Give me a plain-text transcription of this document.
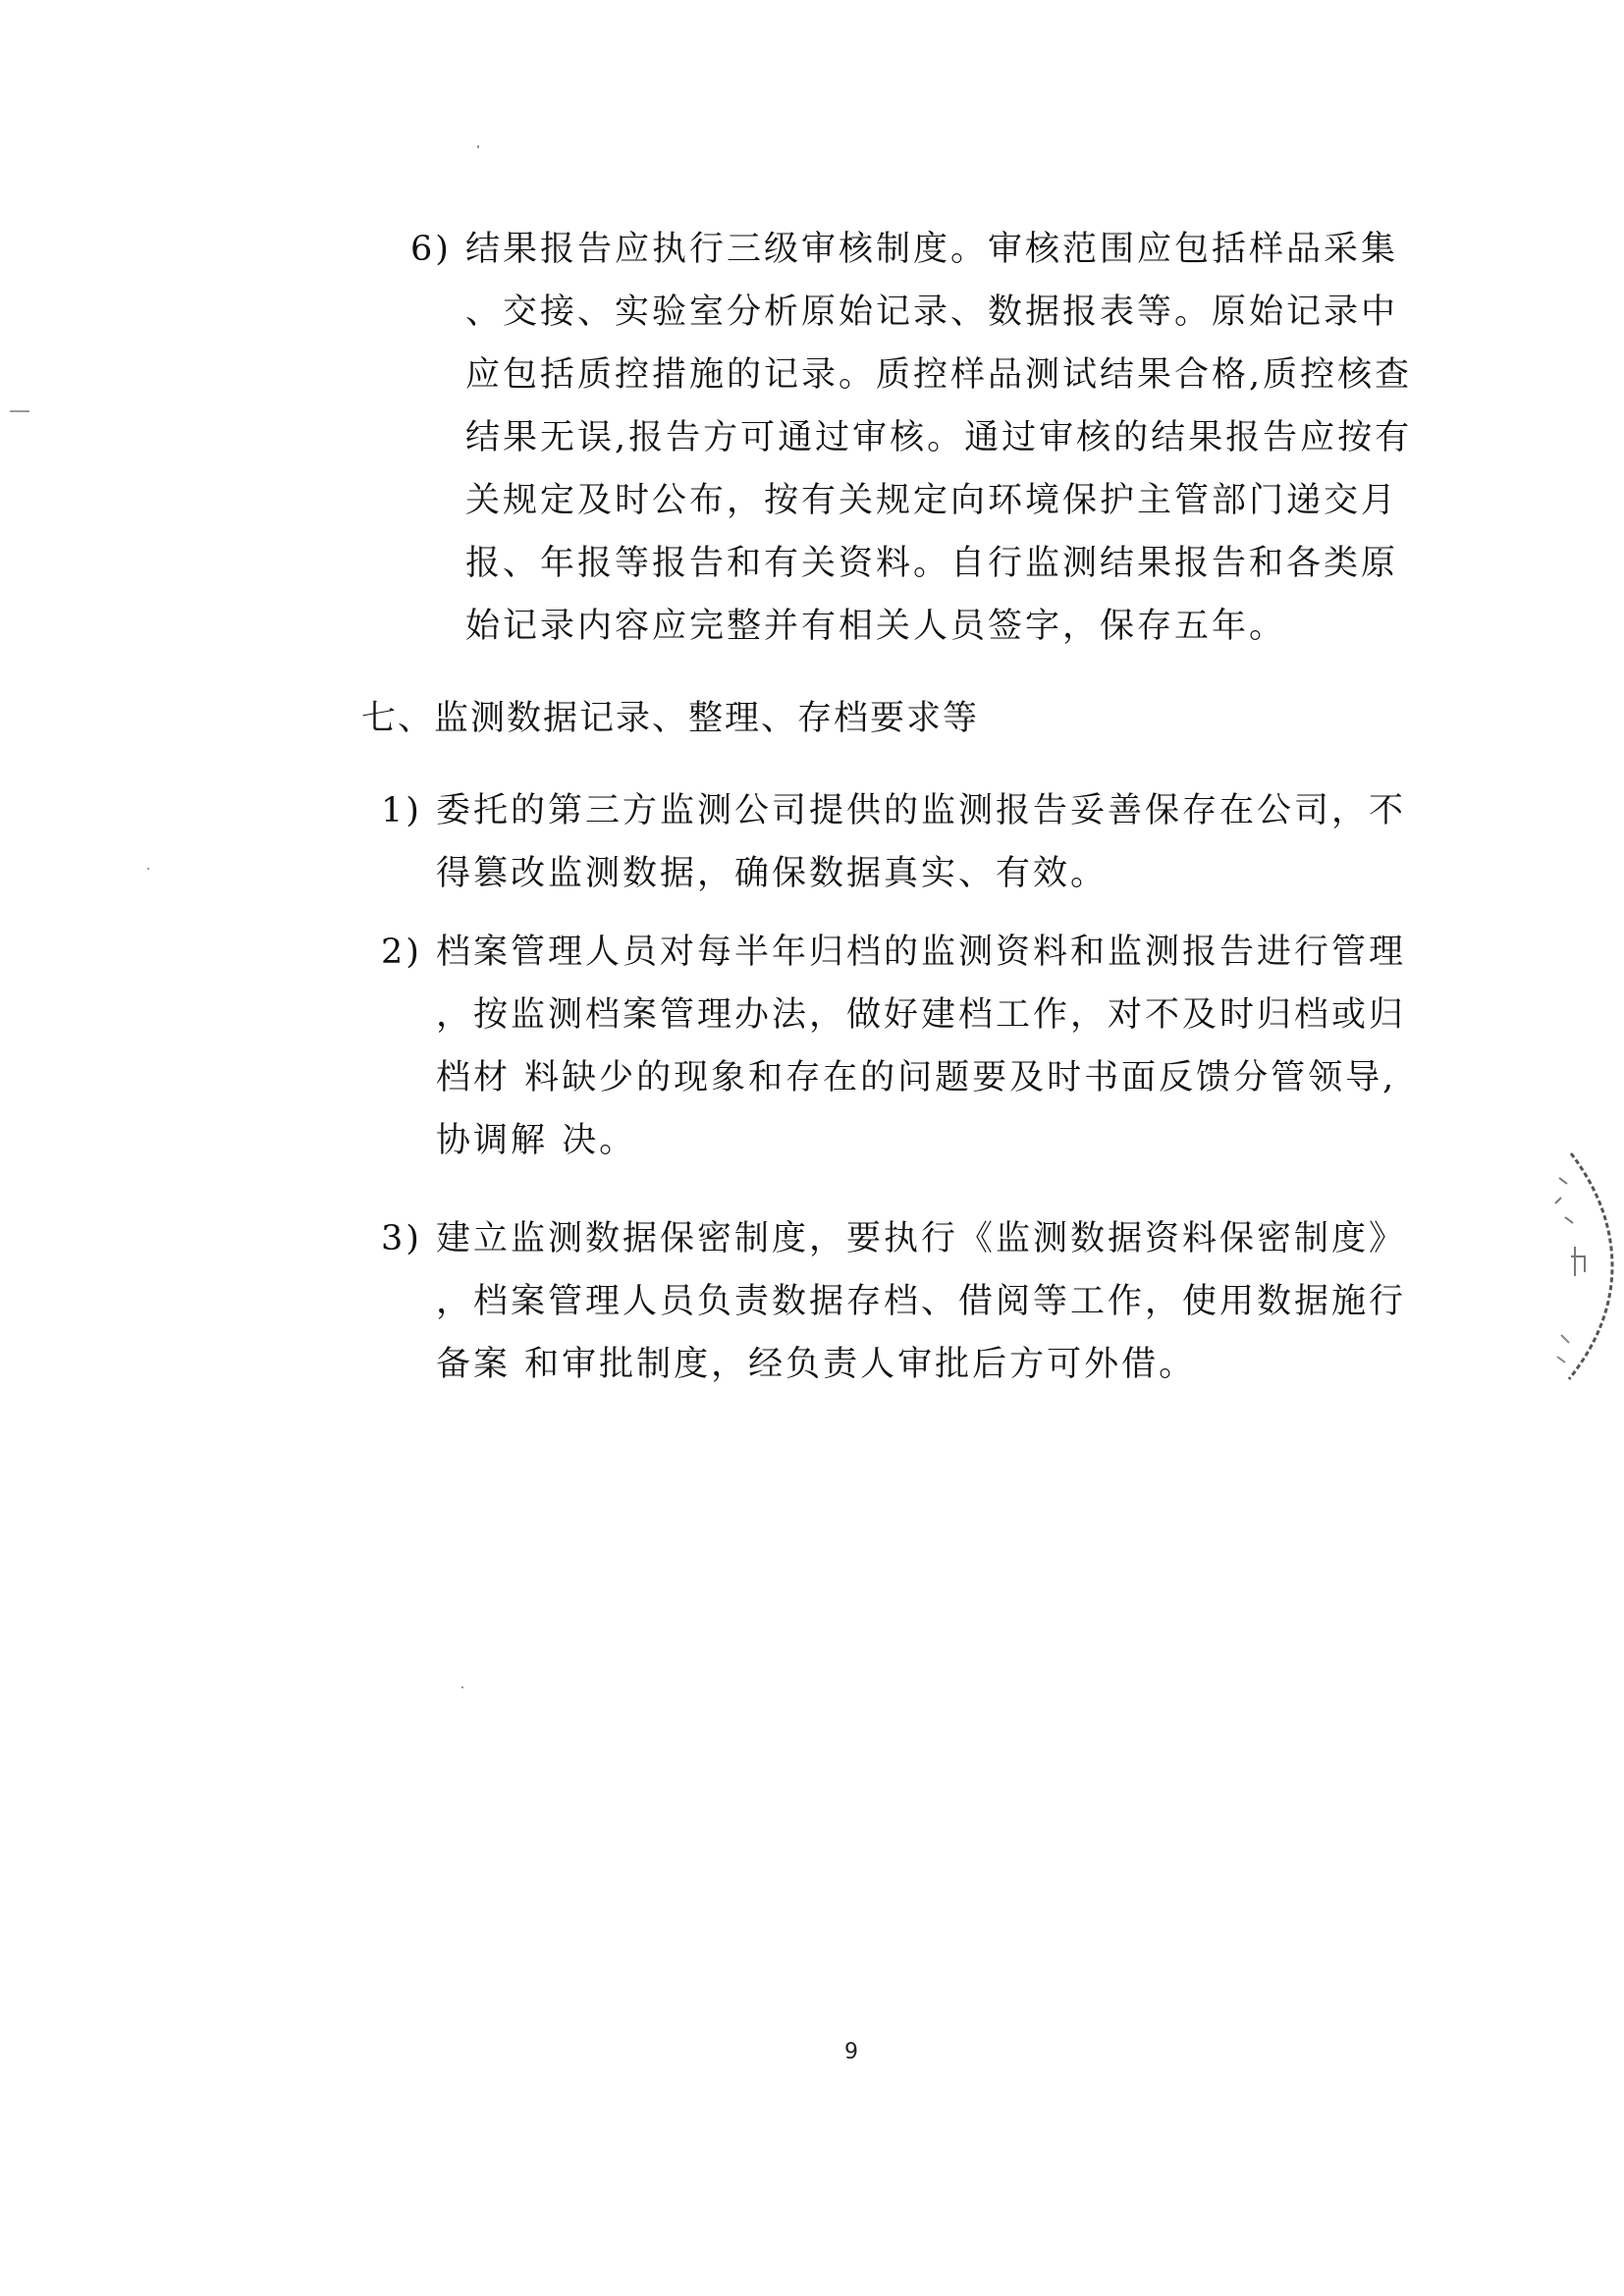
6) 结果报告应执行三级审核制度。审核范围应包括样品采集
、交接、实验室分析原始记录、数据报表等。原始记录中
应包括质控措施的记录。质控样品测试结果合格,质控核查
结果无误,报告方可通过审核。通过审核的结果报告应按有
关规定及时公布，按有关规定向环境保护主管部门递交月
报、年报等报告和有关资料。自行监测结果报告和各类原
始记录内容应完整并有相关人员签字，保存五年。
七、监测数据记录、整理、存档要求等
1) 委托的第三方监测公司提供的监测报告妥善保存在公司，不
得篡改监测数据，确保数据真实、有效。
2) 档案管理人员对每半年归档的监测资料和监测报告进行管理
，按监测档案管理办法，做好建档工作，对不及时归档或归
档材 料缺少的现象和存在的问题要及时书面反馈分管领导,
协调解 决。
3) 建立监测数据保密制度，要执行《监测数据资料保密制度》
，档案管理人员负责数据存档、借阅等工作，使用数据施行
备案 和审批制度，经负责人审批后方可外借。
9
